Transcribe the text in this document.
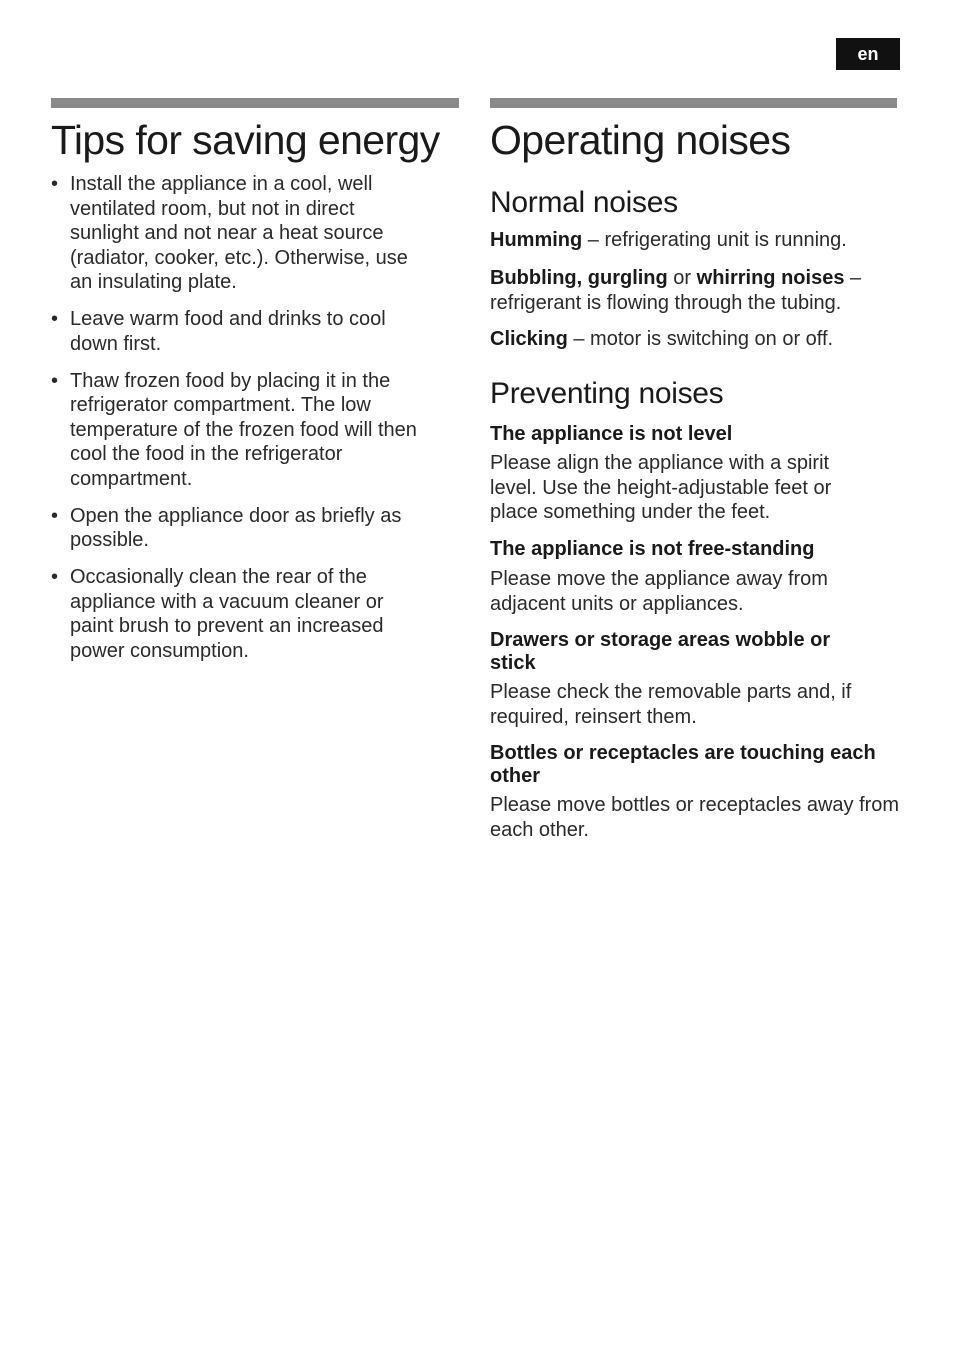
en
Tips for saving energy
• Install the appliance in a cool, well ventilated room, but not in direct sunlight and not near a heat source (radiator, cooker, etc.). Otherwise, use an insulating plate.
• Leave warm food and drinks to cool down first.
• Thaw frozen food by placing it in the refrigerator compartment. The low temperature of the frozen food will then cool the food in the refrigerator compartment.
• Open the appliance door as briefly as possible.
• Occasionally clean the rear of the appliance with a vacuum cleaner or paint brush to prevent an increased power consumption.
Operating noises
Normal noises
Humming – refrigerating unit is running.
Bubbling, gurgling or whirring noises – refrigerant is flowing through the tubing.
Clicking – motor is switching on or off.
Preventing noises
The appliance is not level
Please align the appliance with a spirit level. Use the height-adjustable feet or place something under the feet.
The appliance is not free-standing
Please move the appliance away from adjacent units or appliances.
Drawers or storage areas wobble or stick
Please check the removable parts and, if required, reinsert them.
Bottles or receptacles are touching each other
Please move bottles or receptacles away from each other.
